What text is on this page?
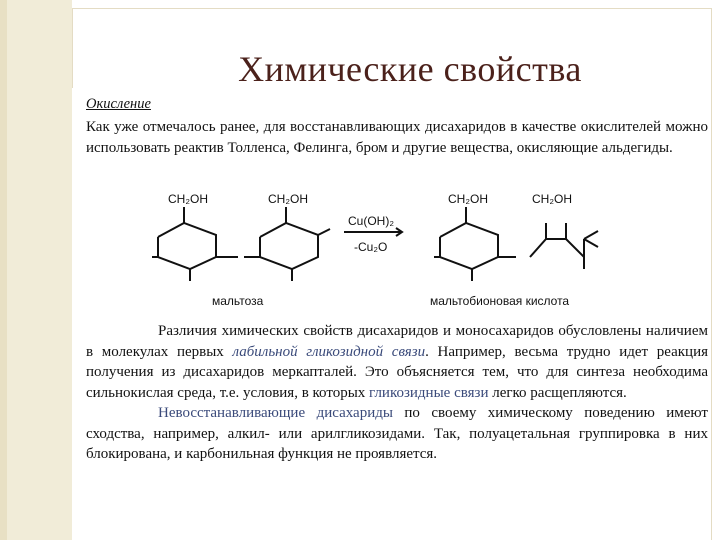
Химические свойства
Окисление
Как уже отмечалось ранее, для восстанавливающих дисахаридов в качестве окислителей можно использовать реактив Толленса, Фелинга, бром и другие вещества, окисляющие альдегиды.
CH₂OH	CH₂OH	CH₂OH	CH₂OH
Cu(OH)₂
-Cu₂O
мальтоза	мальтобионовая кислота
Различия химических свойств дисахаридов и моносахаридов обусловлены наличием в молекулах первых лабильной гликозидной связи. Например, весьма трудно идет реакция получения из дисахаридов меркапталей. Это объясняется тем, что для синтеза необходима сильнокислая среда, т.е. условия, в которых гликозидные связи легко расщепляются.
Невосстанавливающие дисахариды по своему химическому поведению имеют сходства, например, алкил- или арилгликозидами. Так, полуацетальная группировка в них блокирована, и карбонильная функция не проявляется.
